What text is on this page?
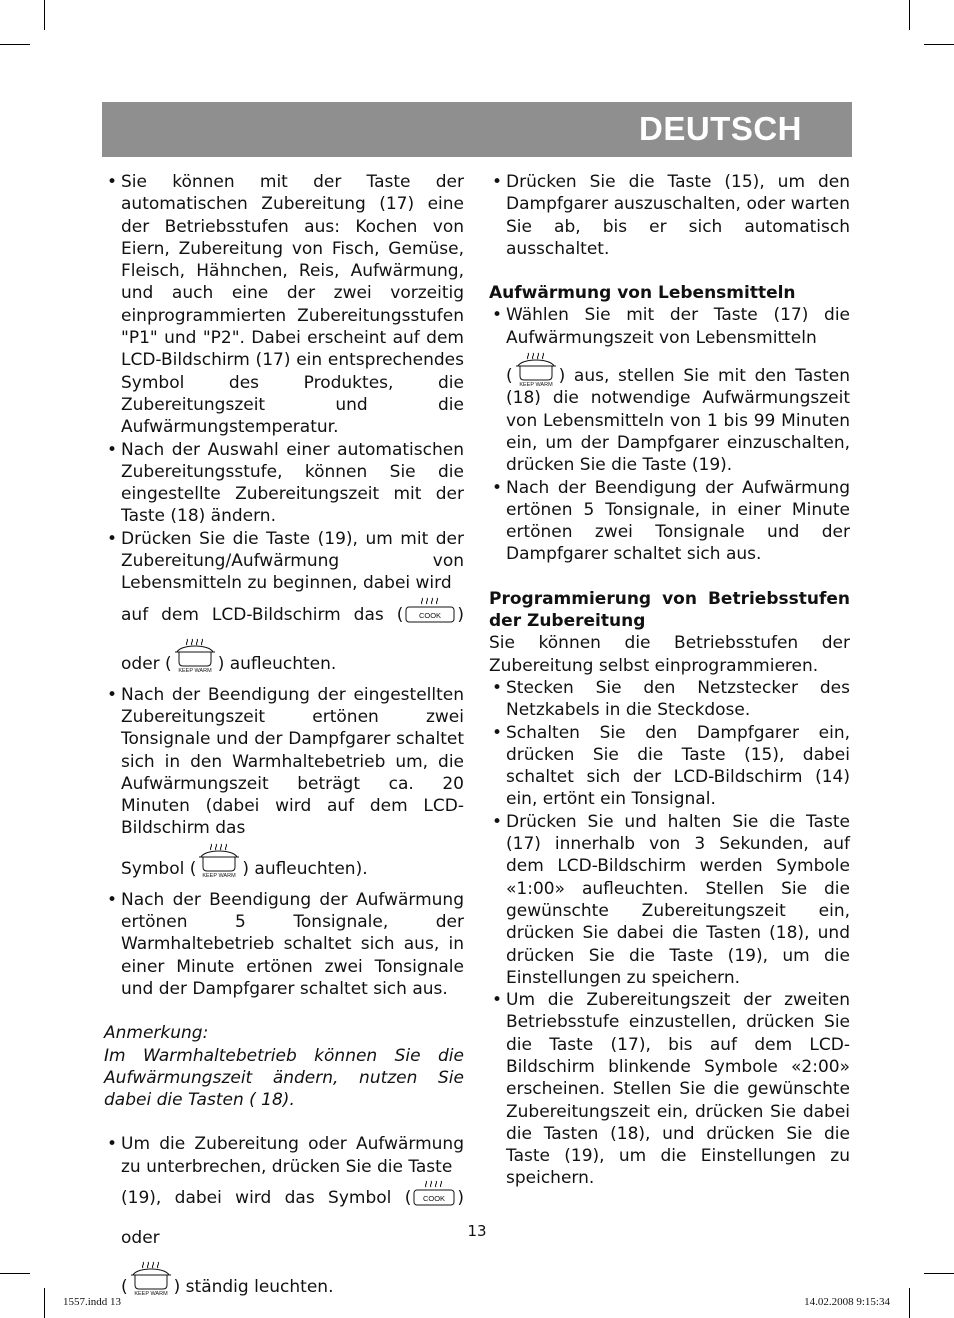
DEUTSCH
• Sie können mit der Taste der automatischen Zubereitung (17) eine der Betriebsstufen aus: Kochen von Eiern, Zubereitung von Fisch, Gemüse, Fleisch, Hähnchen, Reis, Aufwärmung, und auch eine der zwei vorzeitig einprogrammierten Zubereitungsstufen "P1" und "P2". Dabei erscheint auf dem LCD-Bildschirm (17) ein entsprechendes Symbol des Produktes, die Zubereitungszeit und die Aufwärmungstemperatur.
• Nach der Auswahl einer automatischen Zubereitungsstufe, können Sie die eingestellte Zubereitungszeit mit der Taste (18) ändern.
• Drücken Sie die Taste (19), um mit der Zubereitung/Aufwärmung von Lebensmitteln zu beginnen, dabei wird
auf dem LCD-Bildschirm das ( COOK )
oder ( KEEP WARM ) aufleuchten.
• Nach der Beendigung der eingestellten Zubereitungszeit ertönen zwei Tonsignale und der Dampfgarer schaltet sich in den Warmhaltebetrieb um, die Aufwärmungszeit beträgt ca. 20 Minuten (dabei wird auf dem LCD-Bildschirm das
Symbol ( KEEP WARM ) aufleuchten).
• Nach der Beendigung der Aufwärmung ertönen 5 Tonsignale, der Warmhaltebetrieb schaltet sich aus, in einer Minute ertönen zwei Tonsignale und der Dampfgarer schaltet sich aus.
Anmerkung:
Im Warmhaltebetrieb können Sie die Aufwärmungszeit ändern, nutzen Sie dabei die Tasten ( 18).
• Um die Zubereitung oder Aufwärmung zu unterbrechen, drücken Sie die Taste
(19), dabei wird das Symbol ( COOK ) oder
( KEEP WARM ) ständig leuchten.
• Drücken Sie die Taste (15), um den Dampfgarer auszuschalten, oder warten Sie ab, bis er sich automatisch ausschaltet.
Aufwärmung von Lebensmitteln
• Wählen Sie mit der Taste (17) die Aufwärmungszeit von Lebensmitteln
( KEEP WARM ) aus, stellen Sie mit den Tasten (18) die notwendige Aufwärmungszeit von Lebensmitteln von 1 bis 99 Minuten ein, um der Dampfgarer einzuschalten, drücken Sie die Taste (19).
• Nach der Beendigung der Aufwärmung ertönen 5 Tonsignale, in einer Minute ertönen zwei Tonsignale und der Dampfgarer schaltet sich aus.
Programmierung von Betriebsstufen der Zubereitung
Sie können die Betriebsstufen der Zubereitung selbst einprogrammieren.
• Stecken Sie den Netzstecker des Netzkabels in die Steckdose.
• Schalten Sie den Dampfgarer ein, drücken Sie die Taste (15), dabei schaltet sich der LCD-Bildschirm (14) ein, ertönt ein Tonsignal.
• Drücken Sie und halten Sie die Taste (17) innerhalb von 3 Sekunden, auf dem LCD-Bildschirm werden Symbole «1:00» aufleuchten. Stellen Sie die gewünschte Zubereitungszeit ein, drücken Sie dabei die Tasten (18), und drücken Sie die Taste (19), um die Einstellungen zu speichern.
• Um die Zubereitungszeit der zweiten Betriebsstufe einzustellen, drücken Sie die Taste (17), bis auf dem LCD-Bildschirm blinkende Symbole «2:00» erscheinen. Stellen Sie die gewünschte Zubereitungszeit ein, drücken Sie dabei die Tasten (18), und drücken Sie die Taste (19), um die Einstellungen zu speichern.
13
1557.indd 13	14.02.2008 9:15:34
